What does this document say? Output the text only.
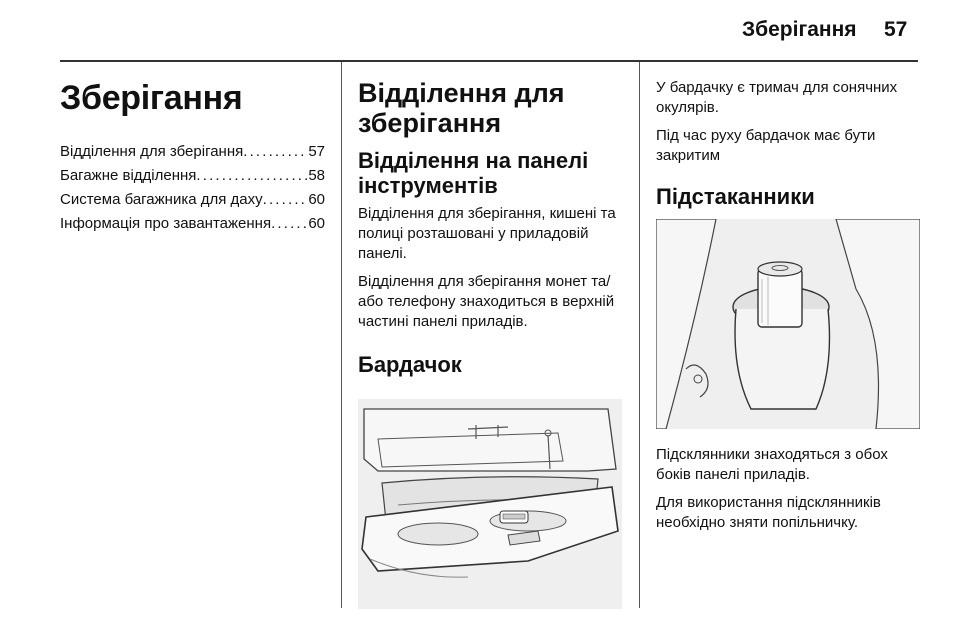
Зберігання 57
Зберігання
Відділення для зберігання . . .	57
Багажне відділення . . .	58
Система багажника для даху . . .	60
Інформація про завантаження . . . 60
Відділення для зберігання
Відділення на панелі інструментів

Відділення для зберігання, кишені та полиці розташовані у приладовій панелі.

Відділення для зберігання монет та/або телефону знаходиться в верхній частині панелі приладів.

Бардачок

У бардачку є тримач для сонячних окулярів.

Під час руху бардачок має бути закритим

Підстаканники

Підсклянники знаходяться з обох боків панелі приладів.

Для використання підсклянників необхідно зняти попільничку.
